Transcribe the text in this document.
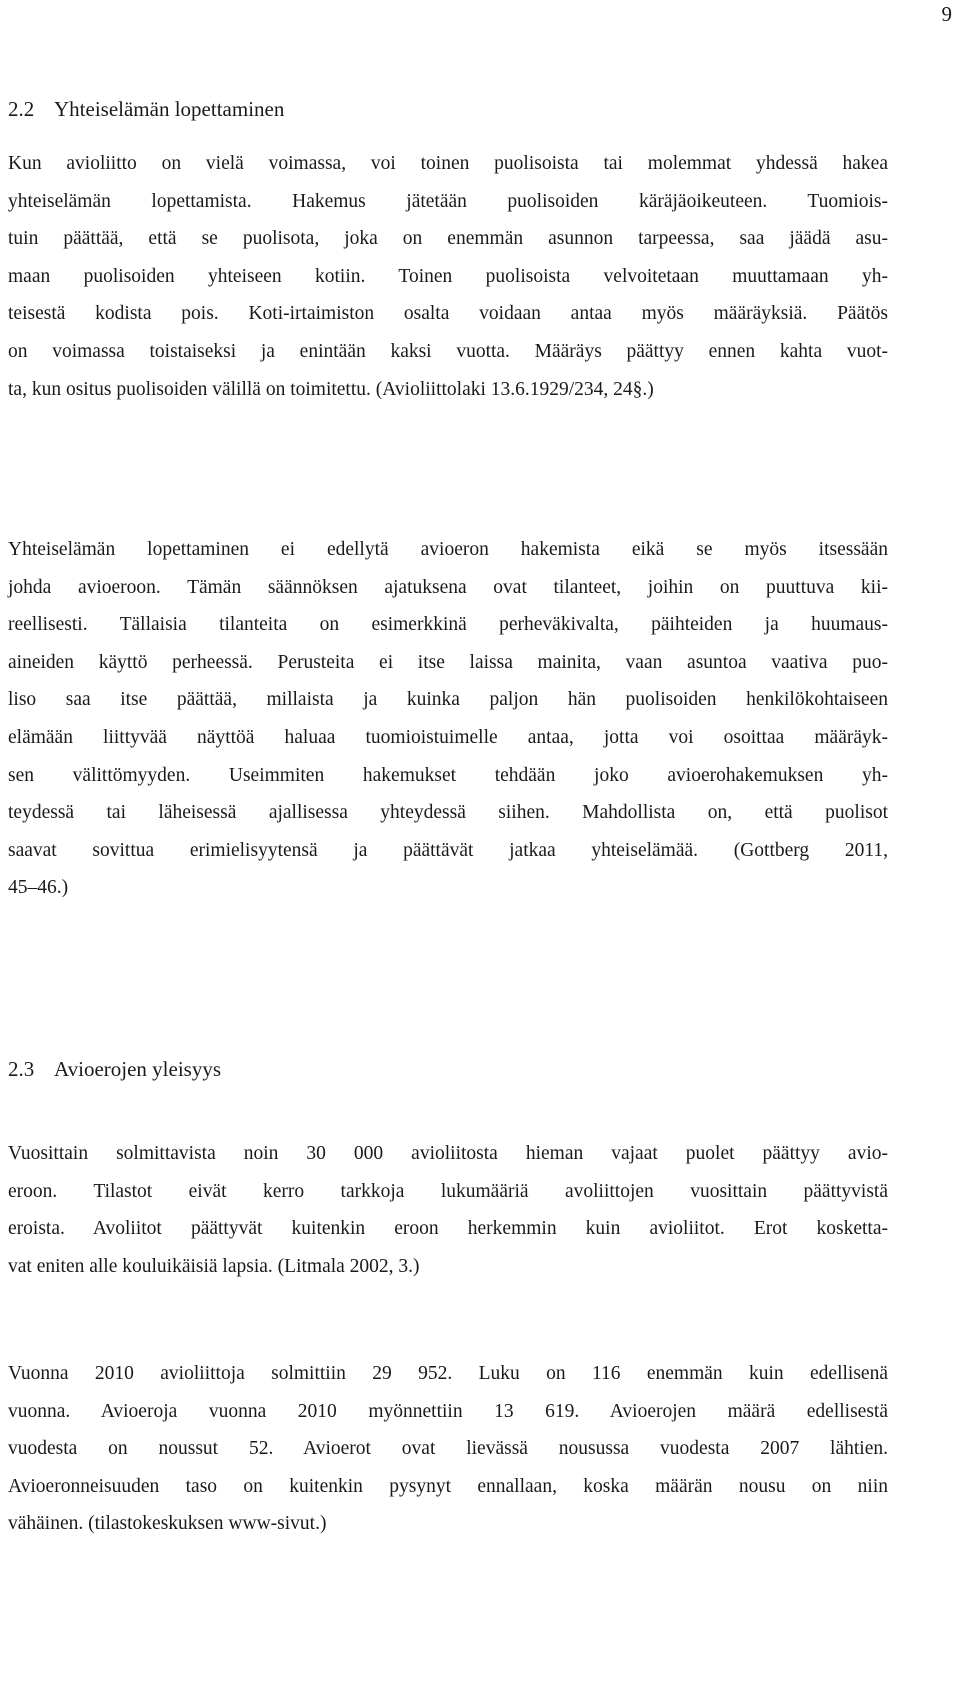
9
2.2 Yhteiselämän lopettaminen
Kun avioliitto on vielä voimassa, voi toinen puolisoista tai molemmat yhdessä hakea
yhteiselämän lopettamista. Hakemus jätetään puolisoiden käräjäoikeuteen. Tuomiois-
tuin päättää, että se puolisota, joka on enemmän asunnon tarpeessa, saa jäädä asu-
maan puolisoiden yhteiseen kotiin. Toinen puolisoista velvoitetaan muuttamaan yh-
teisestä kodista pois. Koti-irtaimiston osalta voidaan antaa myös määräyksiä. Päätös
on voimassa toistaiseksi ja enintään kaksi vuotta. Määräys päättyy ennen kahta vuot-
ta, kun ositus puolisoiden välillä on toimitettu. (Avioliittolaki 13.6.1929/234, 24§.)
Yhteiselämän lopettaminen ei edellytä avioeron hakemista eikä se myös itsessään
johda avioeroon. Tämän säännöksen ajatuksena ovat tilanteet, joihin on puuttuva kii-
reellisesti. Tällaisia tilanteita on esimerkkinä perheväkivalta, päihteiden ja huumaus-
aineiden käyttö perheessä. Perusteita ei itse laissa mainita, vaan asuntoa vaativa puo-
liso saa itse päättää, millaista ja kuinka paljon hän puolisoiden henkilökohtaiseen
elämään liittyvää näyttöä haluaa tuomioistuimelle antaa, jotta voi osoittaa määräyk-
sen välittömyyden. Useimmiten hakemukset tehdään joko avioerohakemuksen yh-
teydessä tai läheisessä ajallisessa yhteydessä siihen. Mahdollista on, että puolisot
saavat sovittua erimielisyytensä ja päättävät jatkaa yhteiselämää. (Gottberg 2011,
45–46.)
2.3 Avioerojen yleisyys
Vuosittain solmittavista noin 30 000 avioliitosta hieman vajaat puolet päättyy avio-
eroon. Tilastot eivät kerro tarkkoja lukumääriä avoliittojen vuosittain päättyvistä
eroista. Avoliitot päättyvät kuitenkin eroon herkemmin kuin avioliitot. Erot kosketta-
vat eniten alle kouluikäisiä lapsia. (Litmala 2002, 3.)
Vuonna 2010 avioliittoja solmittiin 29 952. Luku on 116 enemmän kuin edellisenä
vuonna. Avioeroja vuonna 2010 myönnettiin 13 619. Avioerojen määrä edellisestä
vuodesta on noussut 52. Avioerot ovat lievässä nousussa vuodesta 2007 lähtien.
Avioeronneisuuden taso on kuitenkin pysynyt ennallaan, koska määrän nousu on niin
vähäinen. (tilastokeskuksen www-sivut.)
